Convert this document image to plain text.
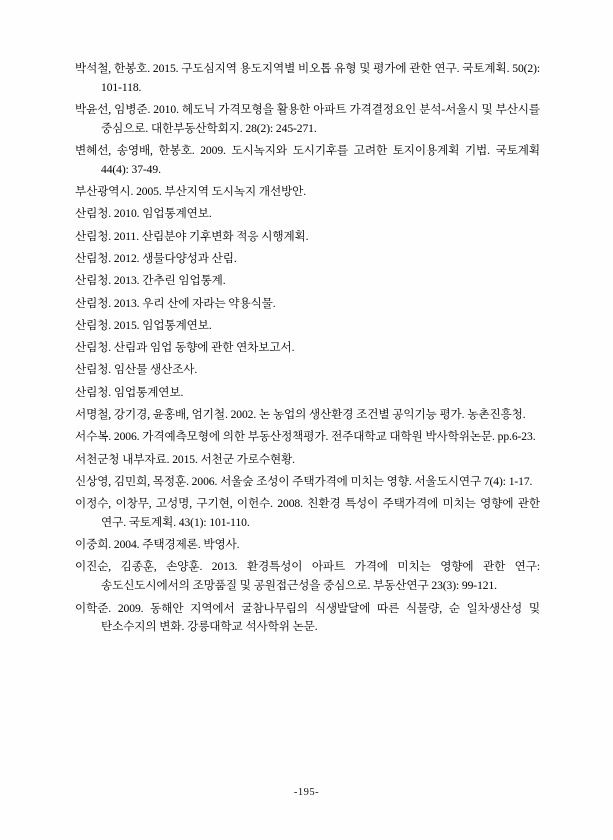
박석철, 한봉호. 2015. 구도심지역 용도지역별 비오톱 유형 및 평가에 관한 연구. 국토계획. 50(2): 101-118.
박윤선, 임병준. 2010. 헤도닉 가격모형을 활용한 아파트 가격결정요인 분석-서울시 및 부산시를 중심으로. 대한부동산학회지. 28(2): 245-271.
변혜선, 송영배, 한봉호. 2009. 도시녹지와 도시기후를 고려한 토지이용계획 기법. 국토계획 44(4): 37-49.
부산광역시. 2005. 부산지역 도시녹지 개선방안.
산림청. 2010. 임업통계연보.
산림청. 2011. 산림분야 기후변화 적응 시행계획.
산림청. 2012. 생물다양성과 산림.
산림청. 2013. 간추린 임업통계.
산림청. 2013. 우리 산에 자라는 약용식물.
산림청. 2015. 임업통계연보.
산림청. 산림과 임업 동향에 관한 연차보고서.
산림청. 임산물 생산조사.
산림청. 임업통계연보.
서명철, 강기경, 윤홍배, 엄기철. 2002. 논 농업의 생산환경 조건별 공익기능 평가. 농촌진흥청.
서수복. 2006. 가격예측모형에 의한 부동산정책평가. 전주대학교 대학원 박사학위논문. pp.6-23.
서천군청 내부자료. 2015. 서천군 가로수현황.
신상영, 김민희, 목정훈. 2006. 서울숲 조성이 주택가격에 미치는 영향. 서울도시연구 7(4): 1-17.
이정수, 이창무, 고성명, 구기현, 이헌수. 2008. 친환경 특성이 주택가격에 미치는 영향에 관한 연구. 국토계획. 43(1): 101-110.
이중희. 2004. 주택경제론. 박영사.
이진순, 김종훈, 손양훈. 2013. 환경특성이 아파트 가격에 미치는 영향에 관한 연구: 송도신도시에서의 조망품질 및 공원접근성을 중심으로. 부동산연구 23(3): 99-121.
이학준. 2009. 동해안 지역에서 굴참나무림의 식생발달에 따른 식물량, 순 일차생산성 및 탄소수지의 변화. 강릉대학교 석사학위 논문.
-195-
